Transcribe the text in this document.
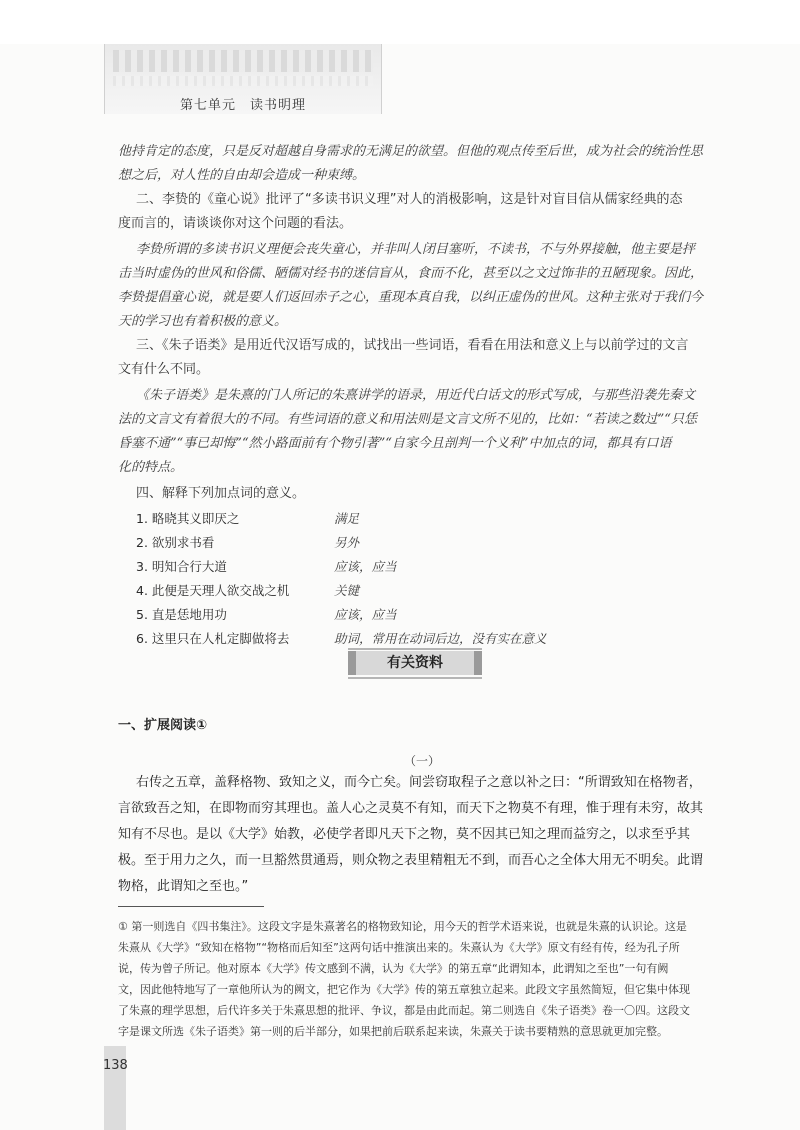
第七单元　读书明理

他持肯定的态度，只是反对超越自身需求的无满足的欲望。但他的观点传至后世，成为社会的统治性思

想之后，对人性的自由却会造成一种束缚。

二、李贽的《童心说》批评了“多读书识义理”对人的消极影响，这是针对盲目信从儒家经典的态

度而言的，请谈谈你对这个问题的看法。

李贽所谓的多读书识义理便会丧失童心，并非叫人闭目塞听，不读书，不与外界接触，他主要是抨

击当时虚伪的世风和俗儒、陋儒对经书的迷信盲从，食而不化，甚至以之文过饰非的丑陋现象。因此，

李贽提倡童心说，就是要人们返回赤子之心，重现本真自我，以纠正虚伪的世风。这种主张对于我们今

天的学习也有着积极的意义。

三、《朱子语类》是用近代汉语写成的，试找出一些词语，看看在用法和意义上与以前学过的文言

文有什么不同。

《朱子语类》是朱熹的门人所记的朱熹讲学的语录，用近代白话文的形式写成，与那些沿袭先秦文

法的文言文有着很大的不同。有些词语的意义和用法则是文言文所不见的，比如：“若读之数过”“只恁

昏塞不通”“事已却悔”“然小路面前有个物引著”“自家今且剖判一个义利”中加点的词，都具有口语

化的特点。

四、解释下列加点词的意义。

1. 略晓其义即厌之	满足
2. 欲别求书看	另外
3. 明知合行大道	应该，应当
4. 此便是天理人欲交战之机	关键
5. 直是恁地用功	应该，应当
6. 这里只在人札定脚做将去	助词，常用在动词后边，没有实在意义
有关资料
一、扩展阅读①
（一）

右传之五章，盖释格物、致知之义，而今亡矣。间尝窃取程子之意以补之曰：“所谓致知在格物者，

言欲致吾之知，在即物而穷其理也。盖人心之灵莫不有知，而天下之物莫不有理，惟于理有未穷，故其

知有不尽也。是以《大学》始教，必使学者即凡天下之物，莫不因其已知之理而益穷之，以求至乎其

极。至于用力之久，而一旦豁然贯通焉，则众物之表里精粗无不到，而吾心之全体大用无不明矣。此谓

物格，此谓知之至也。”

① 第一则选自《四书集注》。这段文字是朱熹著名的格物致知论，用今天的哲学术语来说，也就是朱熹的认识论。这是

朱熹从《大学》“致知在格物”“物格而后知至”这两句话中推演出来的。朱熹认为《大学》原文有经有传，经为孔子所

说，传为曾子所记。他对原本《大学》传文感到不满，认为《大学》的第五章“此谓知本，此谓知之至也”一句有阙

文，因此他特地写了一章他所认为的阙文，把它作为《大学》传的第五章独立起来。此段文字虽然简短，但它集中体现

了朱熹的理学思想，后代许多关于朱熹思想的批评、争议，都是由此而起。第二则选自《朱子语类》卷一〇四。这段文

字是课文所选《朱子语类》第一则的后半部分，如果把前后联系起来读，朱熹关于读书要精熟的意思就更加完整。

138
